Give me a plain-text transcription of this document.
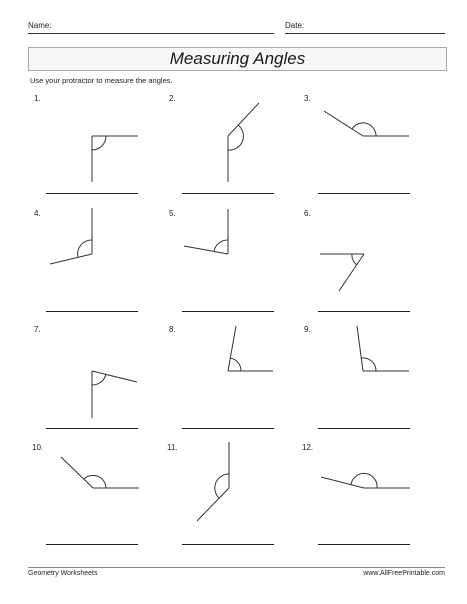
Name:	Date:
Measuring Angles
Use your protractor to measure the angles.
1.	2.	3.
4.	5.	6.
7.	8.	9.
10.	11.	12.
Geometry Worksheets	www.AllFreePrintable.com
